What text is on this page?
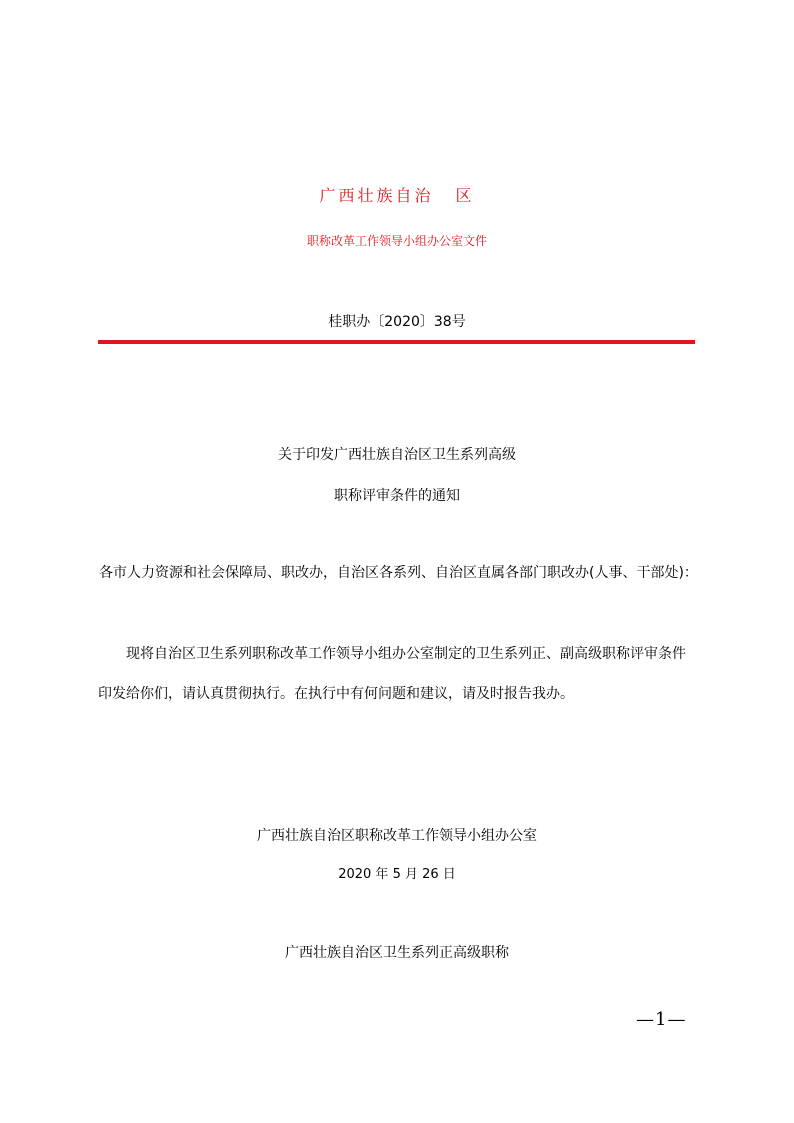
广西壮族自治 区
职称改革工作领导小组办公室文件
桂职办〔2020〕38号
关于印发广西壮族自治区卫生系列高级
职称评审条件的通知
各市人力资源和社会保障局、职改办，自治区各系列、自治区直属各部门职改办(人事、干部处)：
现将自治区卫生系列职称改革工作领导小组办公室制定的卫生系列正、副高级职称评审条件
印发给你们，请认真贯彻执行。在执行中有何问题和建议，请及时报告我办。
广西壮族自治区职称改革工作领导小组办公室
2020 年 5 月 26 日
广西壮族自治区卫生系列正高级职称
—1—
